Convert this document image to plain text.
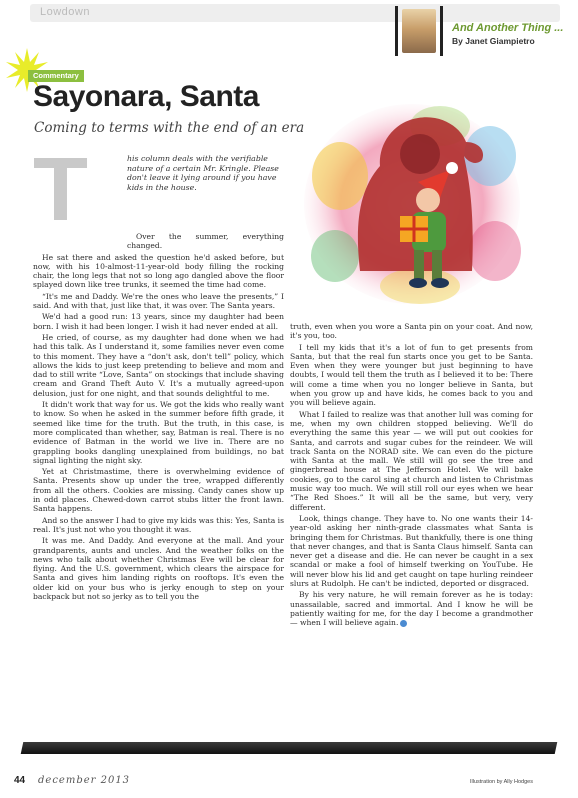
Lowdown
And Another Thing ...
By Janet Giampietro
Commentary
Sayonara, Santa
Coming to terms with the end of an era
T	his column deals with the verifiable nature of a certain Mr. Kringle. Please don't leave it lying around if you have kids in the house.

Over the summer, everything changed.

He sat there and asked the question he'd asked before, but now, with his 10-almost-11-year-old body filling the rocking chair, the long legs that not so long ago dangled above the floor splayed down like tree trunks, it seemed the time had come.

“It's me and Daddy. We're the ones who leave the presents,” I said. And with that, just like that, it was over. The Santa years.

We'd had a good run: 13 years, since my daughter had been born. I wish it had been longer. I wish it had never ended at all.

He cried, of course, as my daughter had done when we had had this talk. As I understand it, some families never even come to this moment. They have a “don't ask, don't tell” policy, which allows the kids to just keep pretending to believe and mom and dad to still write “Love, Santa” on stockings that include shaving cream and Grand Theft Auto V. It's a mutually agreed-upon delusion, just for one night, and that sounds delightful to me.

It didn't work that way for us. We got the kids who really want to know. So when he asked in the summer before fifth grade, it seemed like time for the truth. But the truth, in this case, is more complicated than whether, say, Batman is real. There is no evidence of Batman in the world we live in. There are no grappling books dangling unexplained from buildings, no bat signal lighting the night sky.

Yet at Christmastime, there is overwhelming evidence of Santa. Presents show up under the tree, wrapped differently from all the others. Cookies are missing. Candy canes show up in odd places. Chewed-down carrot stubs litter the front lawn. Santa happens.

And so the answer I had to give my kids was this: Yes, Santa is real. It's just not who you thought it was.

It was me. And Daddy. And everyone at the mall. And your grandparents, aunts and uncles. And the weather folks on the news who talk about whether Christmas Eve will be clear for flying. And the U.S. government, which clears the airspace for Santa and gives him landing rights on rooftops. It's even the older kid on your bus who is jerky enough to step on your backpack but not so jerky as to tell you the

truth, even when you wore a Santa pin on your coat. And now, it's you, too.

I tell my kids that it's a lot of fun to get presents from Santa, but that the real fun starts once you get to be Santa. Even when they were younger but just beginning to have doubts, I would tell them the truth as I believed it to be: There will come a time when you no longer believe in Santa, but when you grow up and have kids, he comes back to you and you will believe again.

What I failed to realize was that another lull was coming for me, when my own children stopped believing. We'll do everything the same this year — we will put out cookies for Santa, and carrots and sugar cubes for the reindeer. We will track Santa on the NORAD site. We can even do the picture with Santa at the mall. We still will go see the tree and gingerbread house at The Jefferson Hotel. We will bake cookies, go to the carol sing at church and listen to Christmas music way too much. We will still roll our eyes when we hear “The Red Shoes.” It will all be the same, but very, very different.

Look, things change. They have to. No one wants their 14-year-old asking her ninth-grade classmates what Santa is bringing them for Christmas. But thankfully, there is one thing that never changes, and that is Santa Claus himself. Santa can never get a disease and die. He can never be caught in a sex scandal or make a fool of himself twerking on YouTube. He will never blow his lid and get caught on tape hurling reindeer slurs at Rudolph. He can't be indicted, deported or disgraced.

By his very nature, he will remain forever as he is today: unassailable, sacred and immortal. And I know he will be patiently waiting for me, for the day I become a grandmother — when I will believe again.

44 december 2013	Illustration by Ally Hodges
